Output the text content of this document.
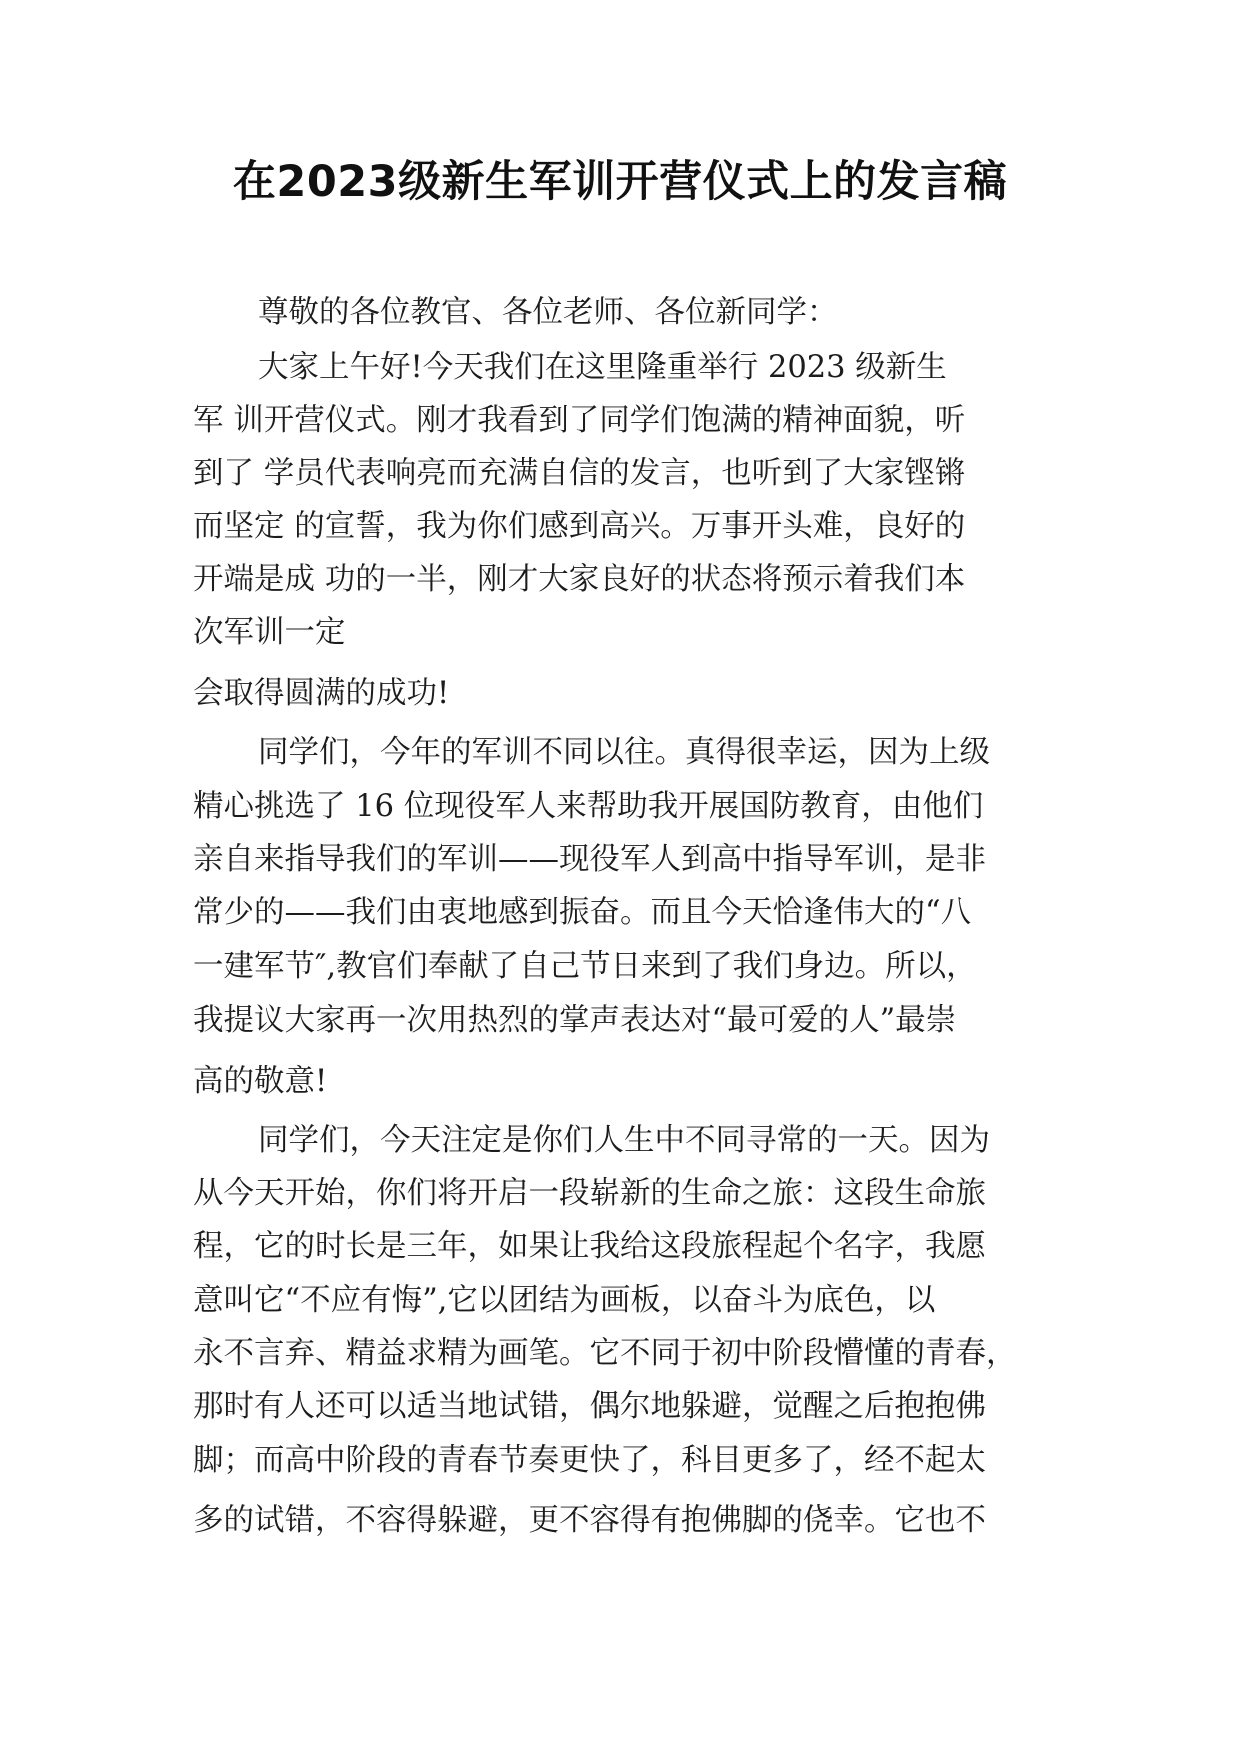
在2023级新生军训开营仪式上的发言稿
尊敬的各位教官、各位老师、各位新同学：
大家上午好!今天我们在这里隆重举行 2023 级新生
军 训开营仪式。刚才我看到了同学们饱满的精神面貌，听
到了 学员代表响亮而充满自信的发言，也听到了大家铿锵
而坚定 的宣誓，我为你们感到高兴。万事开头难，良好的
开端是成 功的一半，刚才大家良好的状态将预示着我们本
次军训一定
会取得圆满的成功!
同学们，今年的军训不同以往。真得很幸运，因为上级
精心挑选了 16 位现役军人来帮助我开展国防教育，由他们
亲自来指导我们的军训——现役军人到高中指导军训，是非
常少的——我们由衷地感到振奋。而且今天恰逢伟大的“八
一建军节″,教官们奉献了自己节日来到了我们身边。所以，
我提议大家再一次用热烈的掌声表达对“最可爱的人”最崇
高的敬意!
同学们，今天注定是你们人生中不同寻常的一天。因为
从今天开始，你们将开启一段崭新的生命之旅：这段生命旅
程，它的时长是三年，如果让我给这段旅程起个名字，我愿
意叫它“不应有悔”,它以团结为画板，以奋斗为底色，以
永不言弃、精益求精为画笔。它不同于初中阶段懵懂的青春，
那时有人还可以适当地试错，偶尔地躲避，觉醒之后抱抱佛
脚；而高中阶段的青春节奏更快了，科目更多了，经不起太
多的试错，不容得躲避，更不容得有抱佛脚的侥幸。它也不
